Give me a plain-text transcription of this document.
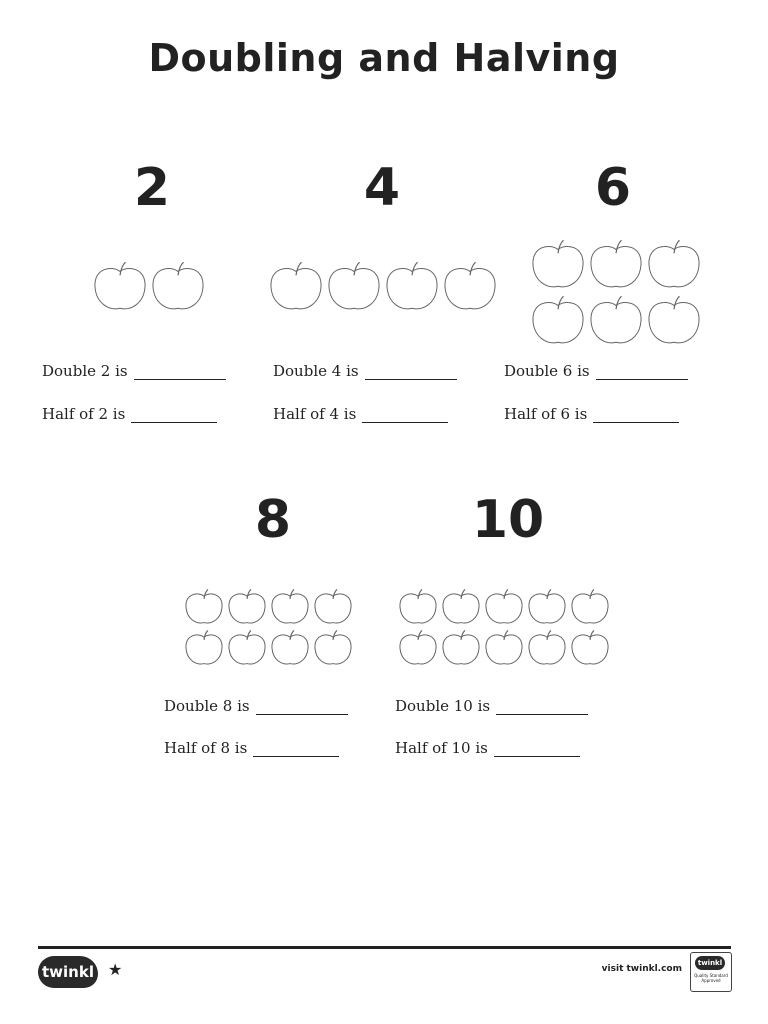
Doubling and Halving
2
Double 2 is
Half of 2 is
4
Double 4 is
Half of 4 is
6
Double 6 is
Half of 6 is
8
Double 8 is
Half of 8 is
10
Double 10 is
Half of 10 is
twinkl ★	visit twinkl.com
twinkl
Quality Standard Approved
